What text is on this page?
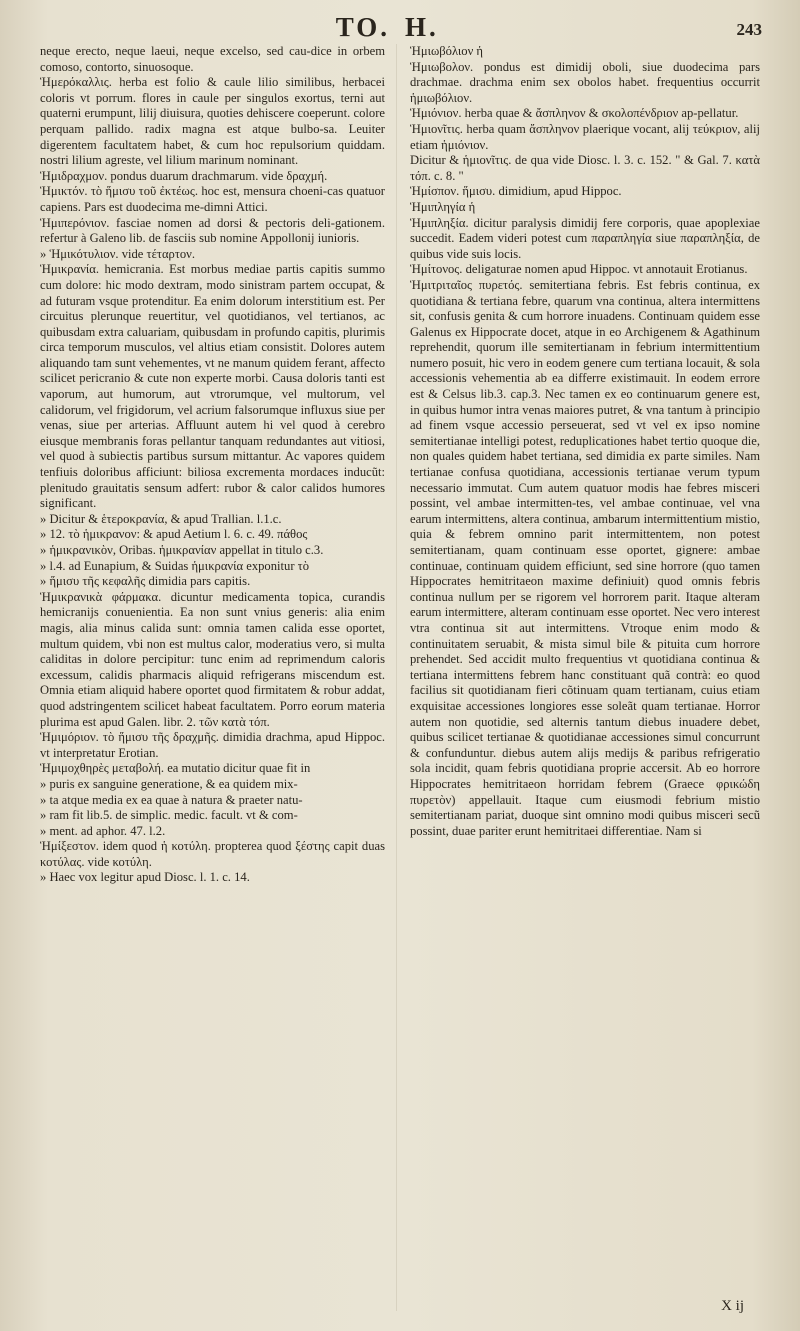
ΤΟ. Η.	243

neque erecto, neque laeui, neque excelso, sed cau-dice in orbem comoso, contorto, sinuosoque.

Ἡμερόκαλλις. herba est folio & caule lilio similibus, herbacei coloris vt porrum. flores in caule per singulos exortus, terni aut quaterni erumpunt, lilij diuisura, quoties dehiscere coeperunt. colore perquam pallido. radix magna est atque bulbo-sa. Leuiter digerentem facultatem habet, & cum hoc repulsorium quiddam. nostri lilium agreste, vel lilium marinum nominant.

Ἡμιδραχμον. pondus duarum drachmarum. vide δραχμή.

Ἡμικτόν. τὸ ἥμισυ τοῦ ἐκτέως. hoc est, mensura choeni-cas quatuor capiens. Pars est duodecima me-dimni Attici.

Ἡμιπερόνιον. fasciae nomen ad dorsi & pectoris deli-gationem. refertur à Galeno lib. de fasciis sub nomine Appollonij iunioris.

» Ἡμικότυλιον. vide τέταρτον.

Ἡμικρανία. hemicrania. Est morbus mediae partis capitis summo cum dolore: hic modo dextram, modo sinistram partem occupat, & ad futuram vsque protenditur. Ea enim dolorum interstitium est. Per circuitus plerunque reuertitur, vel quotidianos, vel tertianos, ac quibusdam extra caluariam, quibusdam in profundo capitis, plurimis circa temporum musculos, vel altius etiam consistit. Dolores autem aliquando tam sunt vehementes, vt ne manum quidem ferant, affecto scilicet pericranio & cute non experte morbi. Causa doloris tanti est vaporum, aut humorum, aut vtrorumque, vel multorum, vel calidorum, vel frigidorum, vel acrium falsorumque influxus siue per venas, siue per arterias. Affluunt autem hi vel quod à cerebro eiusque membranis foras pellantur tanquam redundantes aut vitiosi, vel quod à subiectis partibus sursum mittantur. Ac vapores quidem tenfiuis doloribus afficiunt: biliosa excrementa mordaces inducũt: plenitudo grauitatis sensum adfert: rubor & calor calidos humores significant.

» Dicitur & ἑτεροκρανία, & apud Trallian. l.1.c.

» 12. τὸ ἡμικρανον: & apud Aetium l. 6. c. 49. πάθος

» ἡμικρανικὸν, Oribas. ἡμικρανίαν appellat in titulo c.3.

» l.4. ad Eunapium, & Suidas ἡμικρανία exponitur τὸ

» ἥμισυ τῆς κεφαλῆς dimidia pars capitis.

Ἡμικρανικὰ φάρμακα. dicuntur medicamenta topica, curandis hemicranijs conuenientia. Ea non sunt vnius generis: alia enim magis, alia minus calida sunt: omnia tamen calida esse oportet, multum quidem, vbi non est multus calor, moderatius vero, si multa caliditas in dolore percipitur: tunc enim ad reprimendum caloris excessum, calidis pharmacis aliquid refrigerans miscendum est. Omnia etiam aliquid habere oportet quod firmitatem & robur addat, quod adstringentem scilicet habeat facultatem. Porro eorum materia plurima est apud Galen. libr. 2. τῶν κατὰ τόπ.

Ἡμιμόριον. τὸ ἥμισυ τῆς δραχμῆς. dimidia drachma, apud Hippoc. vt interpretatur Erotian.

Ἡμιμοχθηρὲς μεταβολή. ea mutatio dicitur quae fit in

» puris ex sanguine generatione, & ea quidem mix-

» ta atque media ex ea quae à natura & praeter natu-

» ram fit lib.5. de simplic. medic. facult. vt & com-

» ment. ad aphor. 47. l.2.

Ἡμίξεστον. idem quod ἡ κοτύλη. propterea quod ξέστης capit duas κοτύλας. vide κοτύλη.

» Haec vox legitur apud Diosc. l. 1. c. 14.

Ἡμιωβόλιον ἡ

Ἡμιωβολον. pondus est dimidij oboli, siue duodecima pars drachmae. drachma enim sex obolos habet. frequentius occurrit ἡμιωβόλιον.

Ἡμιόνιον. herba quae & ἄσπληνον & σκολοπένδριον ap-pellatur.

Ἡμιονῖτις. herba quam ἄσπληνον plaerique vocant, alij τεύκριον, alij etiam ἡμιόνιον.

Dicitur & ἡμιονῖτις. de qua vide Diosc. l. 3. c. 152. " & Gal. 7. κατὰ τόπ. c. 8. "

Ἡμίσπον. ἥμισυ. dimidium, apud Hippoc.

Ἡμιπληγία ἡ

Ἡμιπληξία. dicitur paralysis dimidij fere corporis, quae apoplexiae succedit. Eadem videri potest cum παραπληγία siue παραπληξία, de quibus vide suis locis.

Ἡμίτονος. deligaturae nomen apud Hippoc. vt annotauit Erotianus.

Ἡμιτριταῖος πυρετός. semitertiana febris. Est febris continua, ex quotidiana & tertiana febre, quarum vna continua, altera intermittens sit, confusis genita & cum horrore inuadens. Continuam quidem esse Galenus ex Hippocrate docet, atque in eo Archigenem & Agathinum reprehendit, quorum ille semitertianam in febrium intermittentium numero posuit, hic vero in eodem genere cum tertiana locauit, & sola accessionis vehementia ab ea differre existimauit. In eodem errore est & Celsus lib.3. cap.3. Nec tamen ex eo continuarum genere est, in quibus humor intra venas maiores putret, & vna tantum à principio ad finem vsque accessio perseuerat, sed vt vel ex ipso nomine semitertianae intelligi potest, reduplicationes habet tertio quoque die, non quales quidem habet tertiana, sed dimidia ex parte similes. Nam tertianae confusa quotidiana, accessionis tertianae verum typum necessario immutat. Cum autem quatuor modis hae febres misceri possint, vel ambae intermitten-tes, vel ambae continuae, vel vna earum intermittens, altera continua, ambarum intermittentium mistio, quia & febrem omnino parit intermittentem, non potest semitertianam, quam continuam esse oportet, gignere: ambae continuae, continuam quidem efficiunt, sed sine horrore (quo tamen Hippocrates hemitritaeon maxime definiuit) quod omnis febris continua nullum per se rigorem vel horrorem parit. Itaque alteram earum intermittere, alteram continuam esse oportet. Nec vero interest vtra continua sit aut intermittens. Vtroque enim modo & continuitatem seruabit, & mista simul bile & pituita cum horrore prehendet. Sed accidit multo frequentius vt quotidiana continua & tertiana intermittens febrem hanc constituant quã contrà: eo quod facilius sit quotidianam fieri cõtinuam quam tertianam, cuius etiam exquisitae accessiones longiores esse soleãt quam tertianae. Horror autem non quotidie, sed alternis tantum diebus inuadere debet, quibus scilicet tertianae & quotidianae accessiones simul concurrunt & confunduntur. diebus autem alijs medijs & paribus refrigeratio sola incidit, quam febris quotidiana proprie accersit. Ab eo horrore Hippocrates hemitritaeon horridam febrem (Graece φρικώδη πυρετὸν) appellauit. Itaque cum eiusmodi febrium mistio semitertianam pariat, duoque sint omnino modi quibus misceri secũ possint, duae pariter erunt hemitritaei differentiae. Nam si

X ij
